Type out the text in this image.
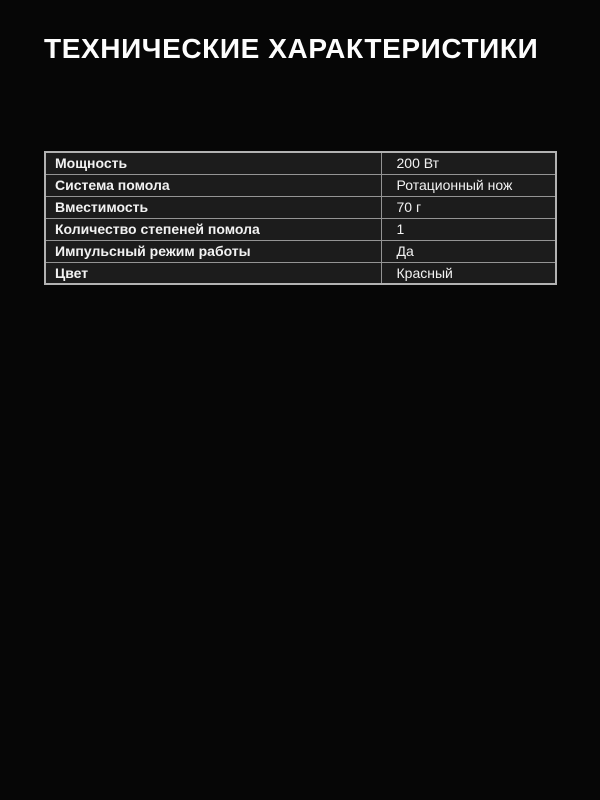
ТЕХНИЧЕСКИЕ ХАРАКТЕРИСТИКИ
Мощность	200 Вт
Система помола	Ротационный нож
Вместимость	70 г
Количество степеней помола	1
Импульсный режим работы	Да
Цвет	Красный
